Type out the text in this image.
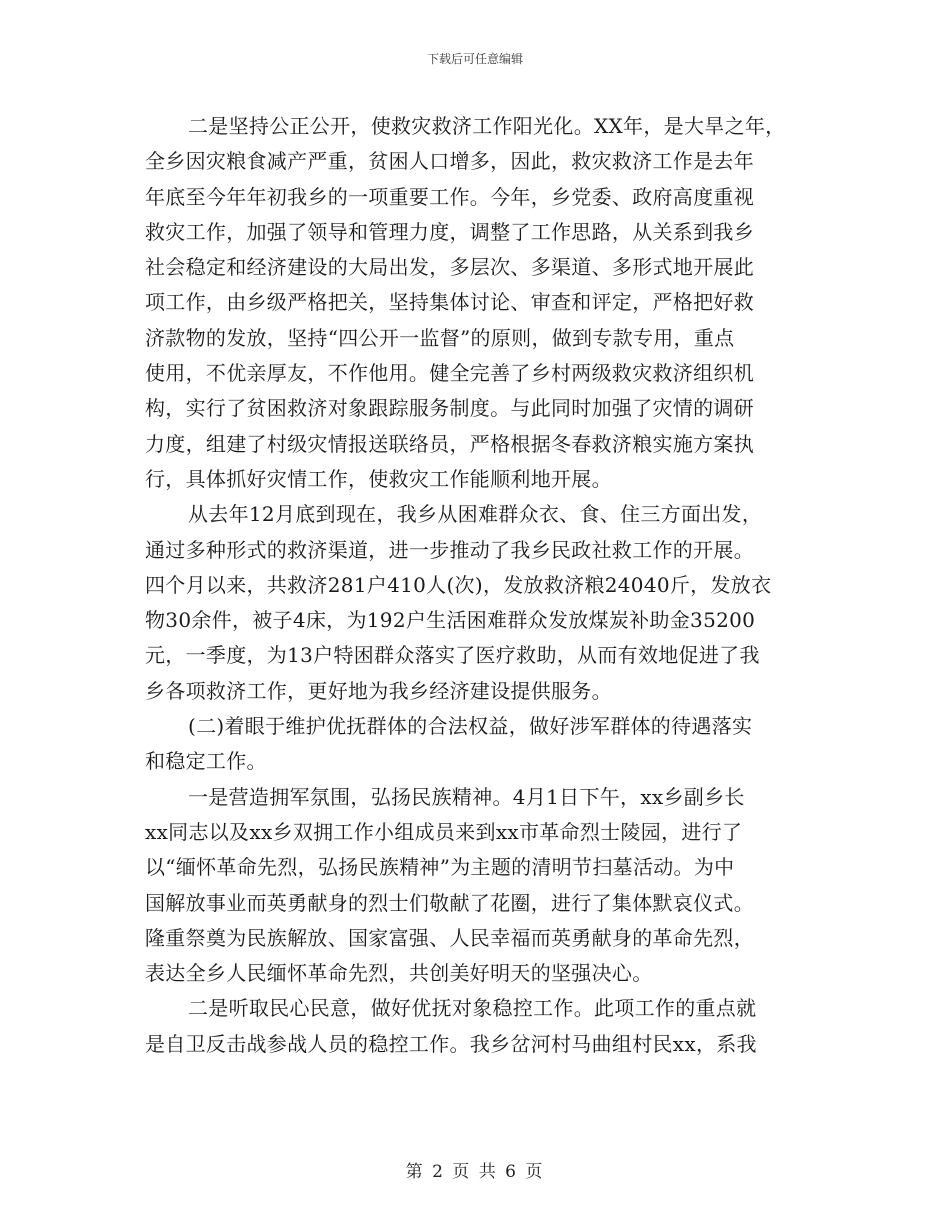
下载后可任意编辑
二是坚持公正公开，使救灾救济工作阳光化。XX年，是大旱之年，
全乡因灾粮食减产严重，贫困人口增多，因此，救灾救济工作是去年
年底至今年年初我乡的一项重要工作。今年，乡党委、政府高度重视
救灾工作，加强了领导和管理力度，调整了工作思路，从关系到我乡
社会稳定和经济建设的大局出发，多层次、多渠道、多形式地开展此
项工作，由乡级严格把关，坚持集体讨论、审查和评定，严格把好救
济款物的发放，坚持“四公开一监督”的原则，做到专款专用，重点
使用，不优亲厚友，不作他用。健全完善了乡村两级救灾救济组织机
构，实行了贫困救济对象跟踪服务制度。与此同时加强了灾情的调研
力度，组建了村级灾情报送联络员，严格根据冬春救济粮实施方案执
行，具体抓好灾情工作，使救灾工作能顺利地开展。
从去年12月底到现在，我乡从困难群众衣、食、住三方面出发，
通过多种形式的救济渠道，进一步推动了我乡民政社救工作的开展。
四个月以来，共救济281户410人(次)，发放救济粮24040斤，发放衣
物30余件，被子4床，为192户生活困难群众发放煤炭补助金35200
元，一季度，为13户特困群众落实了医疗救助，从而有效地促进了我
乡各项救济工作，更好地为我乡经济建设提供服务。
(二)着眼于维护优抚群体的合法权益，做好涉军群体的待遇落实
和稳定工作。
一是营造拥军氛围，弘扬民族精神。4月1日下午，xx乡副乡长
xx同志以及xx乡双拥工作小组成员来到xx市革命烈士陵园，进行了
以“缅怀革命先烈，弘扬民族精神”为主题的清明节扫墓活动。为中
国解放事业而英勇献身的烈士们敬献了花圈，进行了集体默哀仪式。
隆重祭奠为民族解放、国家富强、人民幸福而英勇献身的革命先烈，
表达全乡人民缅怀革命先烈，共创美好明天的坚强决心。
二是听取民心民意，做好优抚对象稳控工作。此项工作的重点就
是自卫反击战参战人员的稳控工作。我乡岔河村马曲组村民xx，系我
第 2 页 共 6 页
